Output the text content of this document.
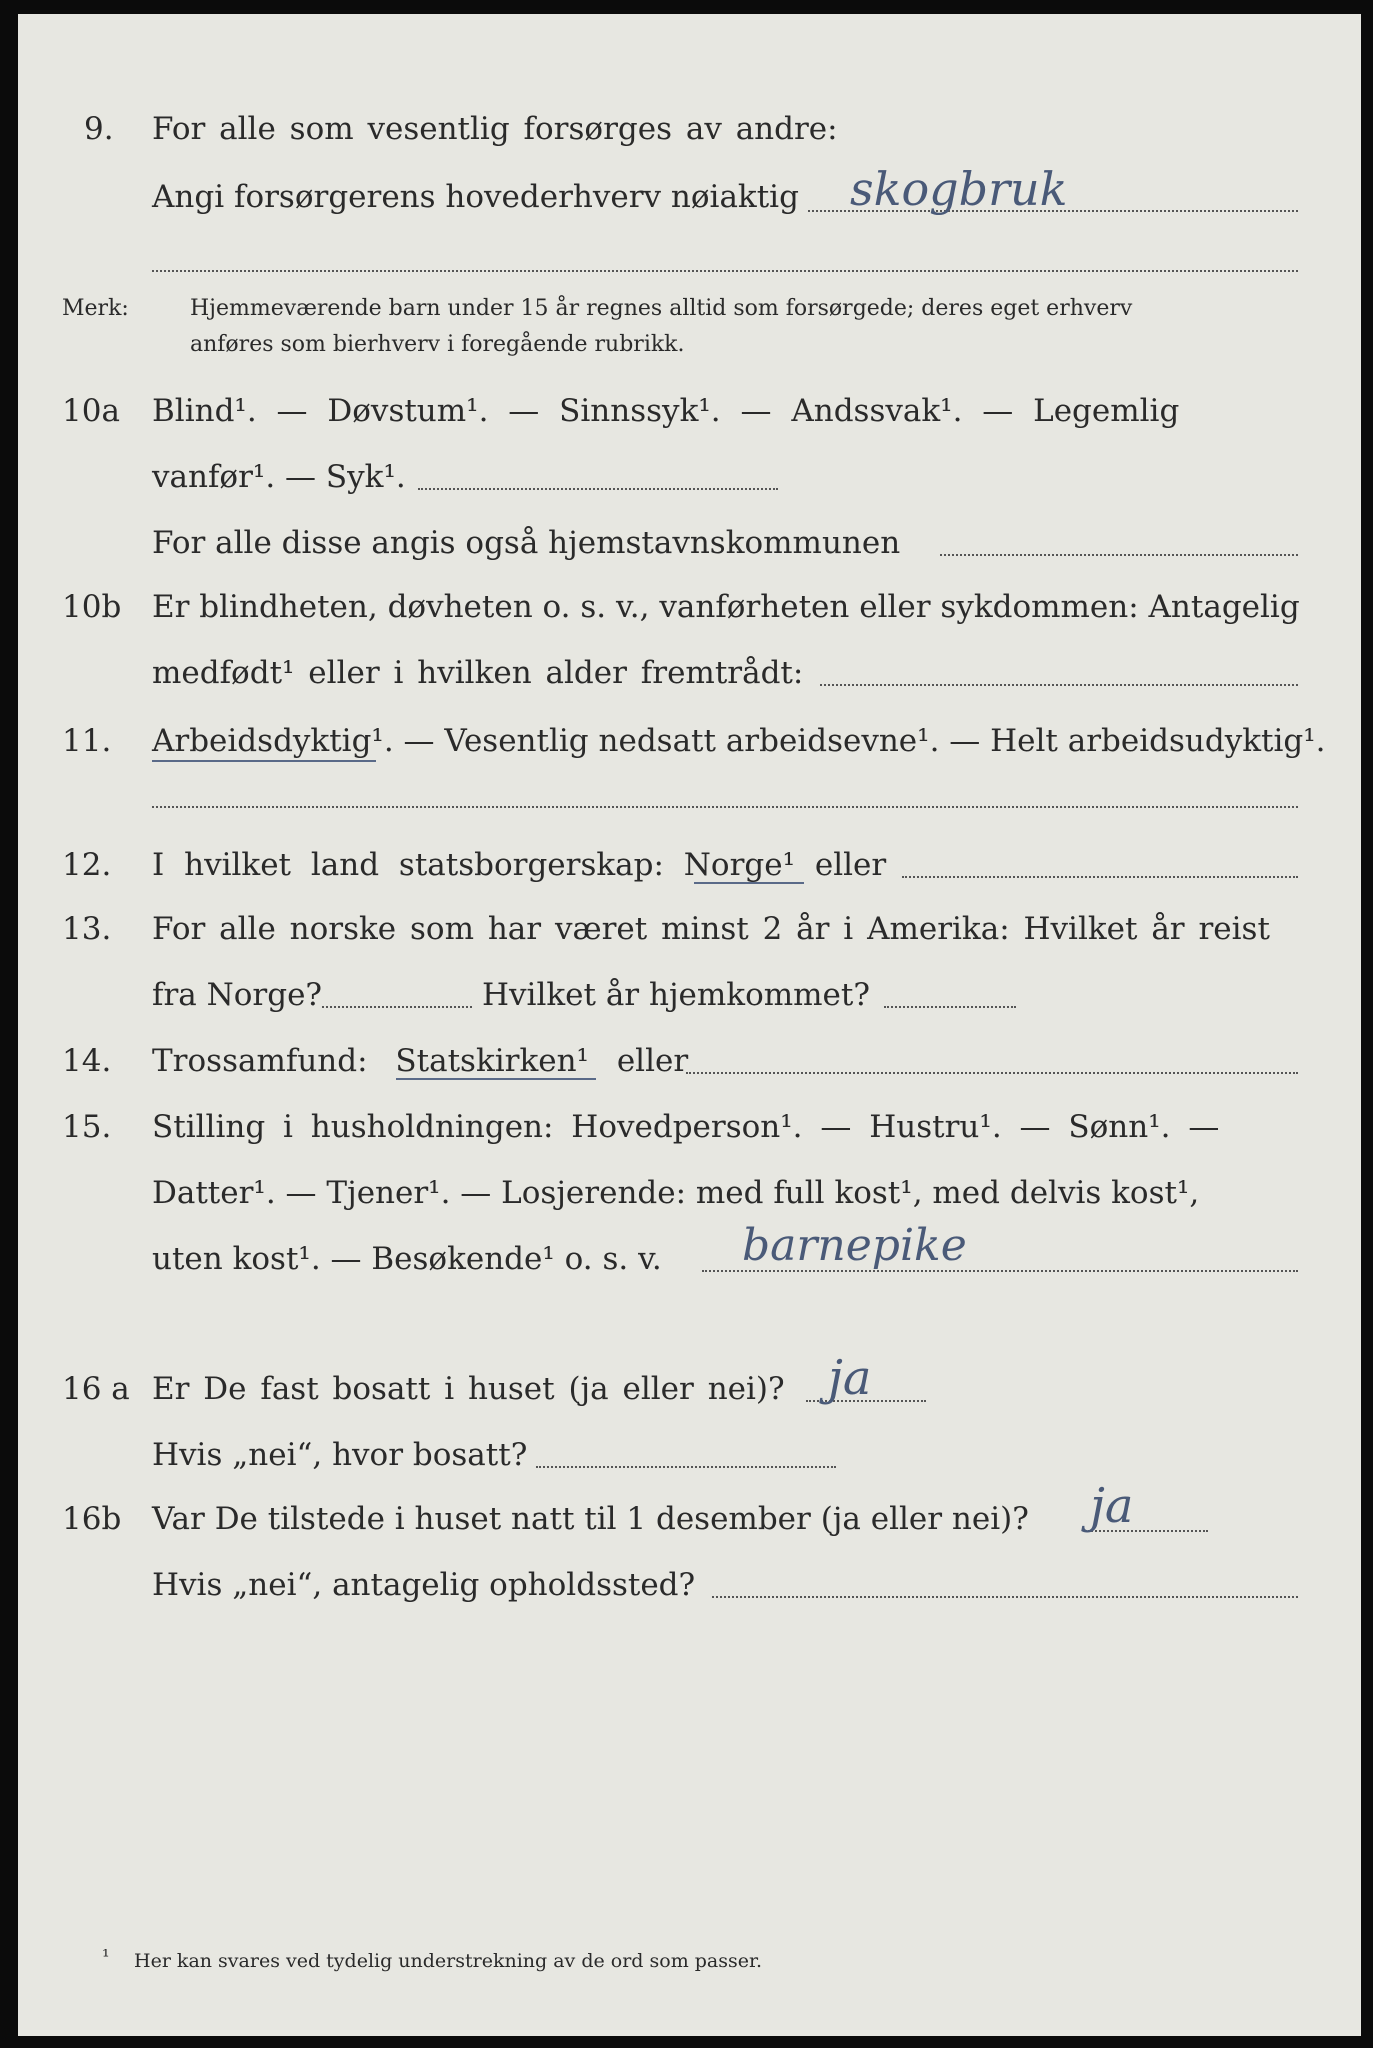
9. For alle som vesentlig forsørges av andre:
Angi forsørgerens hovederhverv nøiaktig skogbruk
Merk:	Hjemmeværende barn under 15 år regnes alltid som forsørgede; deres eget erhverv
anføres som bierhverv i foregående rubrikk.
10a Blind¹. — Døvstum¹. — Sinnssyk¹. — Andssvak¹. — Legemlig
vanfør¹. — Syk¹.
For alle disse angis også hjemstavnskommunen
10b Er blindheten, døvheten o. s. v., vanførheten eller sykdommen: Antagelig
medfødt¹ eller i hvilken alder fremtrådt:
11. Arbeidsdyktig¹. — Vesentlig nedsatt arbeidsevne¹. — Helt arbeidsudyktig¹.
12. I hvilket land statsborgerskap: Norge¹ eller
13. For alle norske som har været minst 2 år i Amerika: Hvilket år reist
fra Norge?	Hvilket år hjemkommet?
14. Trossamfund: Statskirken¹ eller
15. Stilling i husholdningen: Hovedperson¹. — Hustru¹. — Sønn¹. —
Datter¹. — Tjener¹. — Losjerende: med full kost¹, med delvis kost¹,
uten kost¹. — Besøkende¹ o. s. v. barnepike
16 a Er De fast bosatt i huset (ja eller nei)? ja
Hvis „nei“, hvor bosatt?
16b Var De tilstede i huset natt til 1 desember (ja eller nei)? ja
Hvis „nei“, antagelig opholdssted?
¹ Her kan svares ved tydelig understrekning av de ord som passer.
